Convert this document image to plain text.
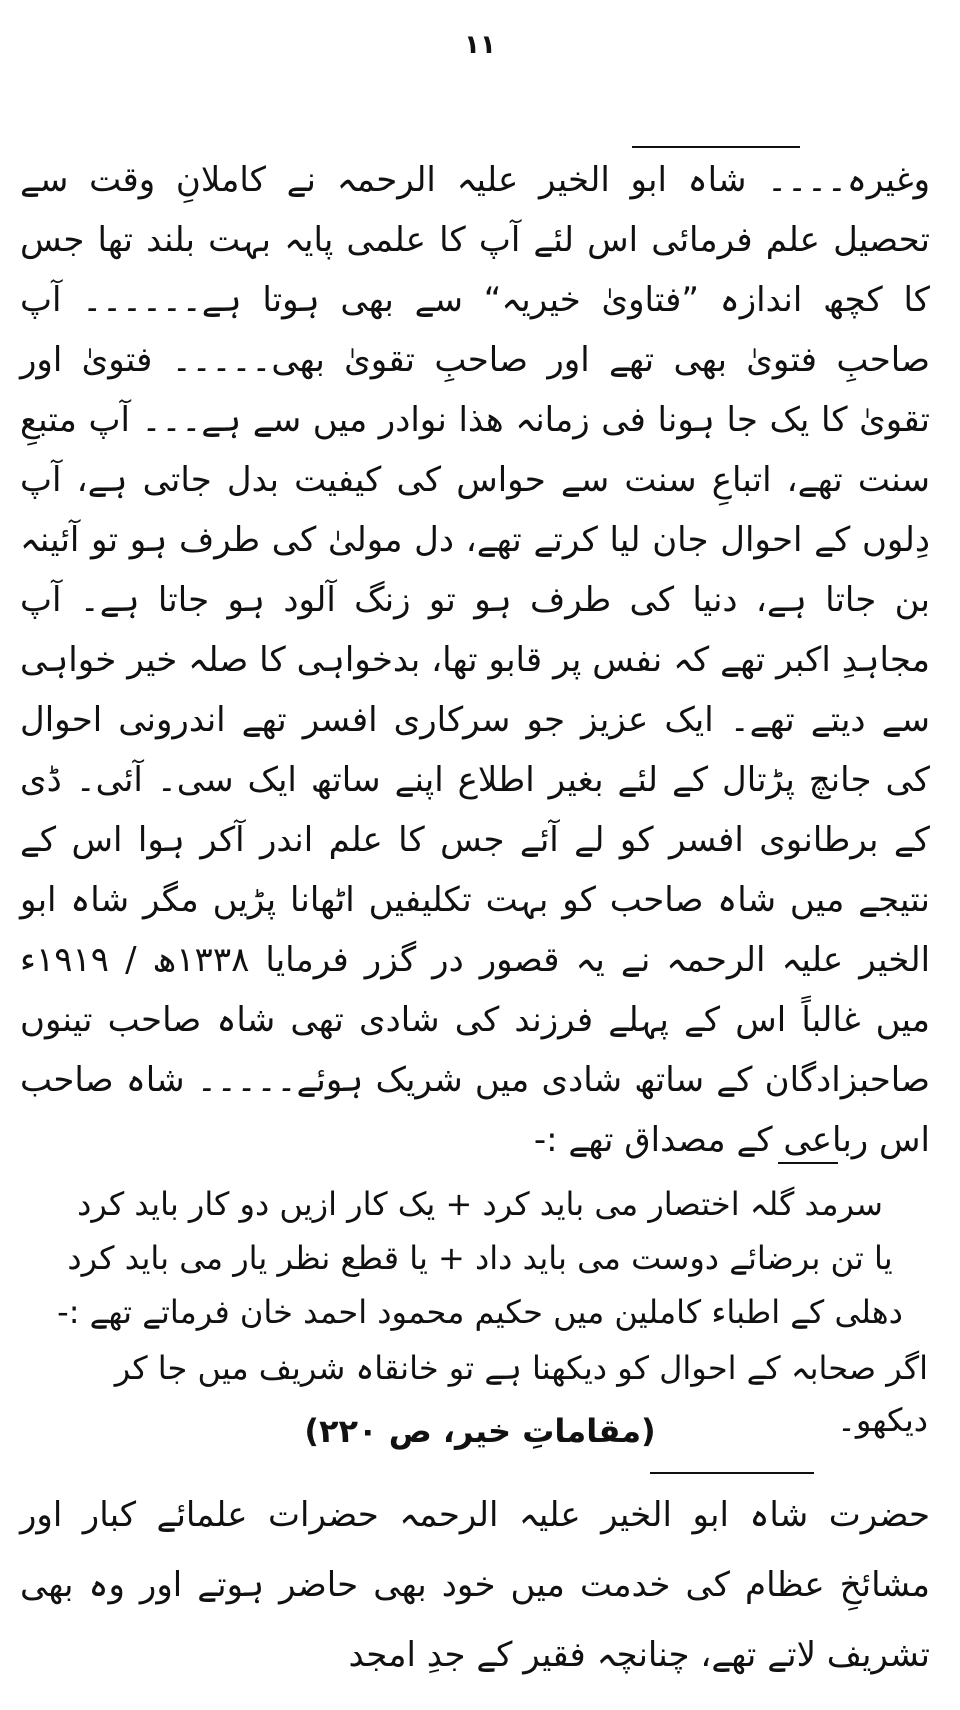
۱۱

وغیرہ۔۔۔۔ شاہ ابو الخیر علیہ الرحمہ نے کاملانِ وقت سے تحصیل علم فرمائی اس لئے آپ کا علمی پایہ بہت بلند تھا جس کا کچھ اندازہ ”فتاویٰ خیریہ“ سے بھی ہوتا ہے۔۔۔۔۔۔ آپ صاحبِ فتویٰ بھی تھے اور صاحبِ تقویٰ بھی۔۔۔۔۔ فتویٰ اور تقویٰ کا یک جا ہونا فی زمانہ ھذا نوادر میں سے ہے۔۔۔ آپ متبعِ سنت تھے، اتباعِ سنت سے حواس کی کیفیت بدل جاتی ہے، آپ دِلوں کے احوال جان لیا کرتے تھے، دل مولیٰ کی طرف ہو تو آئینہ بن جاتا ہے، دنیا کی طرف ہو تو زنگ آلود ہو جاتا ہے۔ آپ مجاہدِ اکبر تھے کہ نفس پر قابو تھا، بدخواہی کا صلہ خیر خواہی سے دیتے تھے۔ ایک عزیز جو سرکاری افسر تھے اندرونی احوال کی جانچ پڑتال کے لئے بغیر اطلاع اپنے ساتھ ایک سی۔ آئی۔ ڈی کے برطانوی افسر کو لے آئے جس کا علم اندر آکر ہوا اس کے نتیجے میں شاہ صاحب کو بہت تکلیفیں اٹھانا پڑیں مگر شاہ ابو الخیر علیہ الرحمہ نے یہ قصور در گزر فرمایا ۱۳۳۸ھ / ۱۹۱۹ء میں غالباً اس کے پہلے فرزند کی شادی تھی شاہ صاحب تینوں صاحبزادگان کے ساتھ شادی میں شریک ہوئے۔۔۔۔۔ شاہ صاحب اس رباعی کے مصداق تھے :-

سرمد گلہ اختصار می باید کرد + یک کار ازیں دو کار باید کرد
یا تن برضائے دوست می باید داد + یا قطع نظر یار می باید کرد
دھلی کے اطباء کاملین میں حکیم محمود احمد خان فرماتے تھے :-
اگر صحابہ کے احوال کو دیکھنا ہے تو خانقاہ شریف میں جا کر دیکھو۔
(مقاماتِ خیر، ص ۲۲۰)

حضرت شاہ ابو الخیر علیہ الرحمہ حضرات علمائے کبار اور مشائخِ عظام کی خدمت میں خود بھی حاضر ہوتے اور وہ بھی تشریف لاتے تھے، چنانچہ فقیر کے جدِ امجد
